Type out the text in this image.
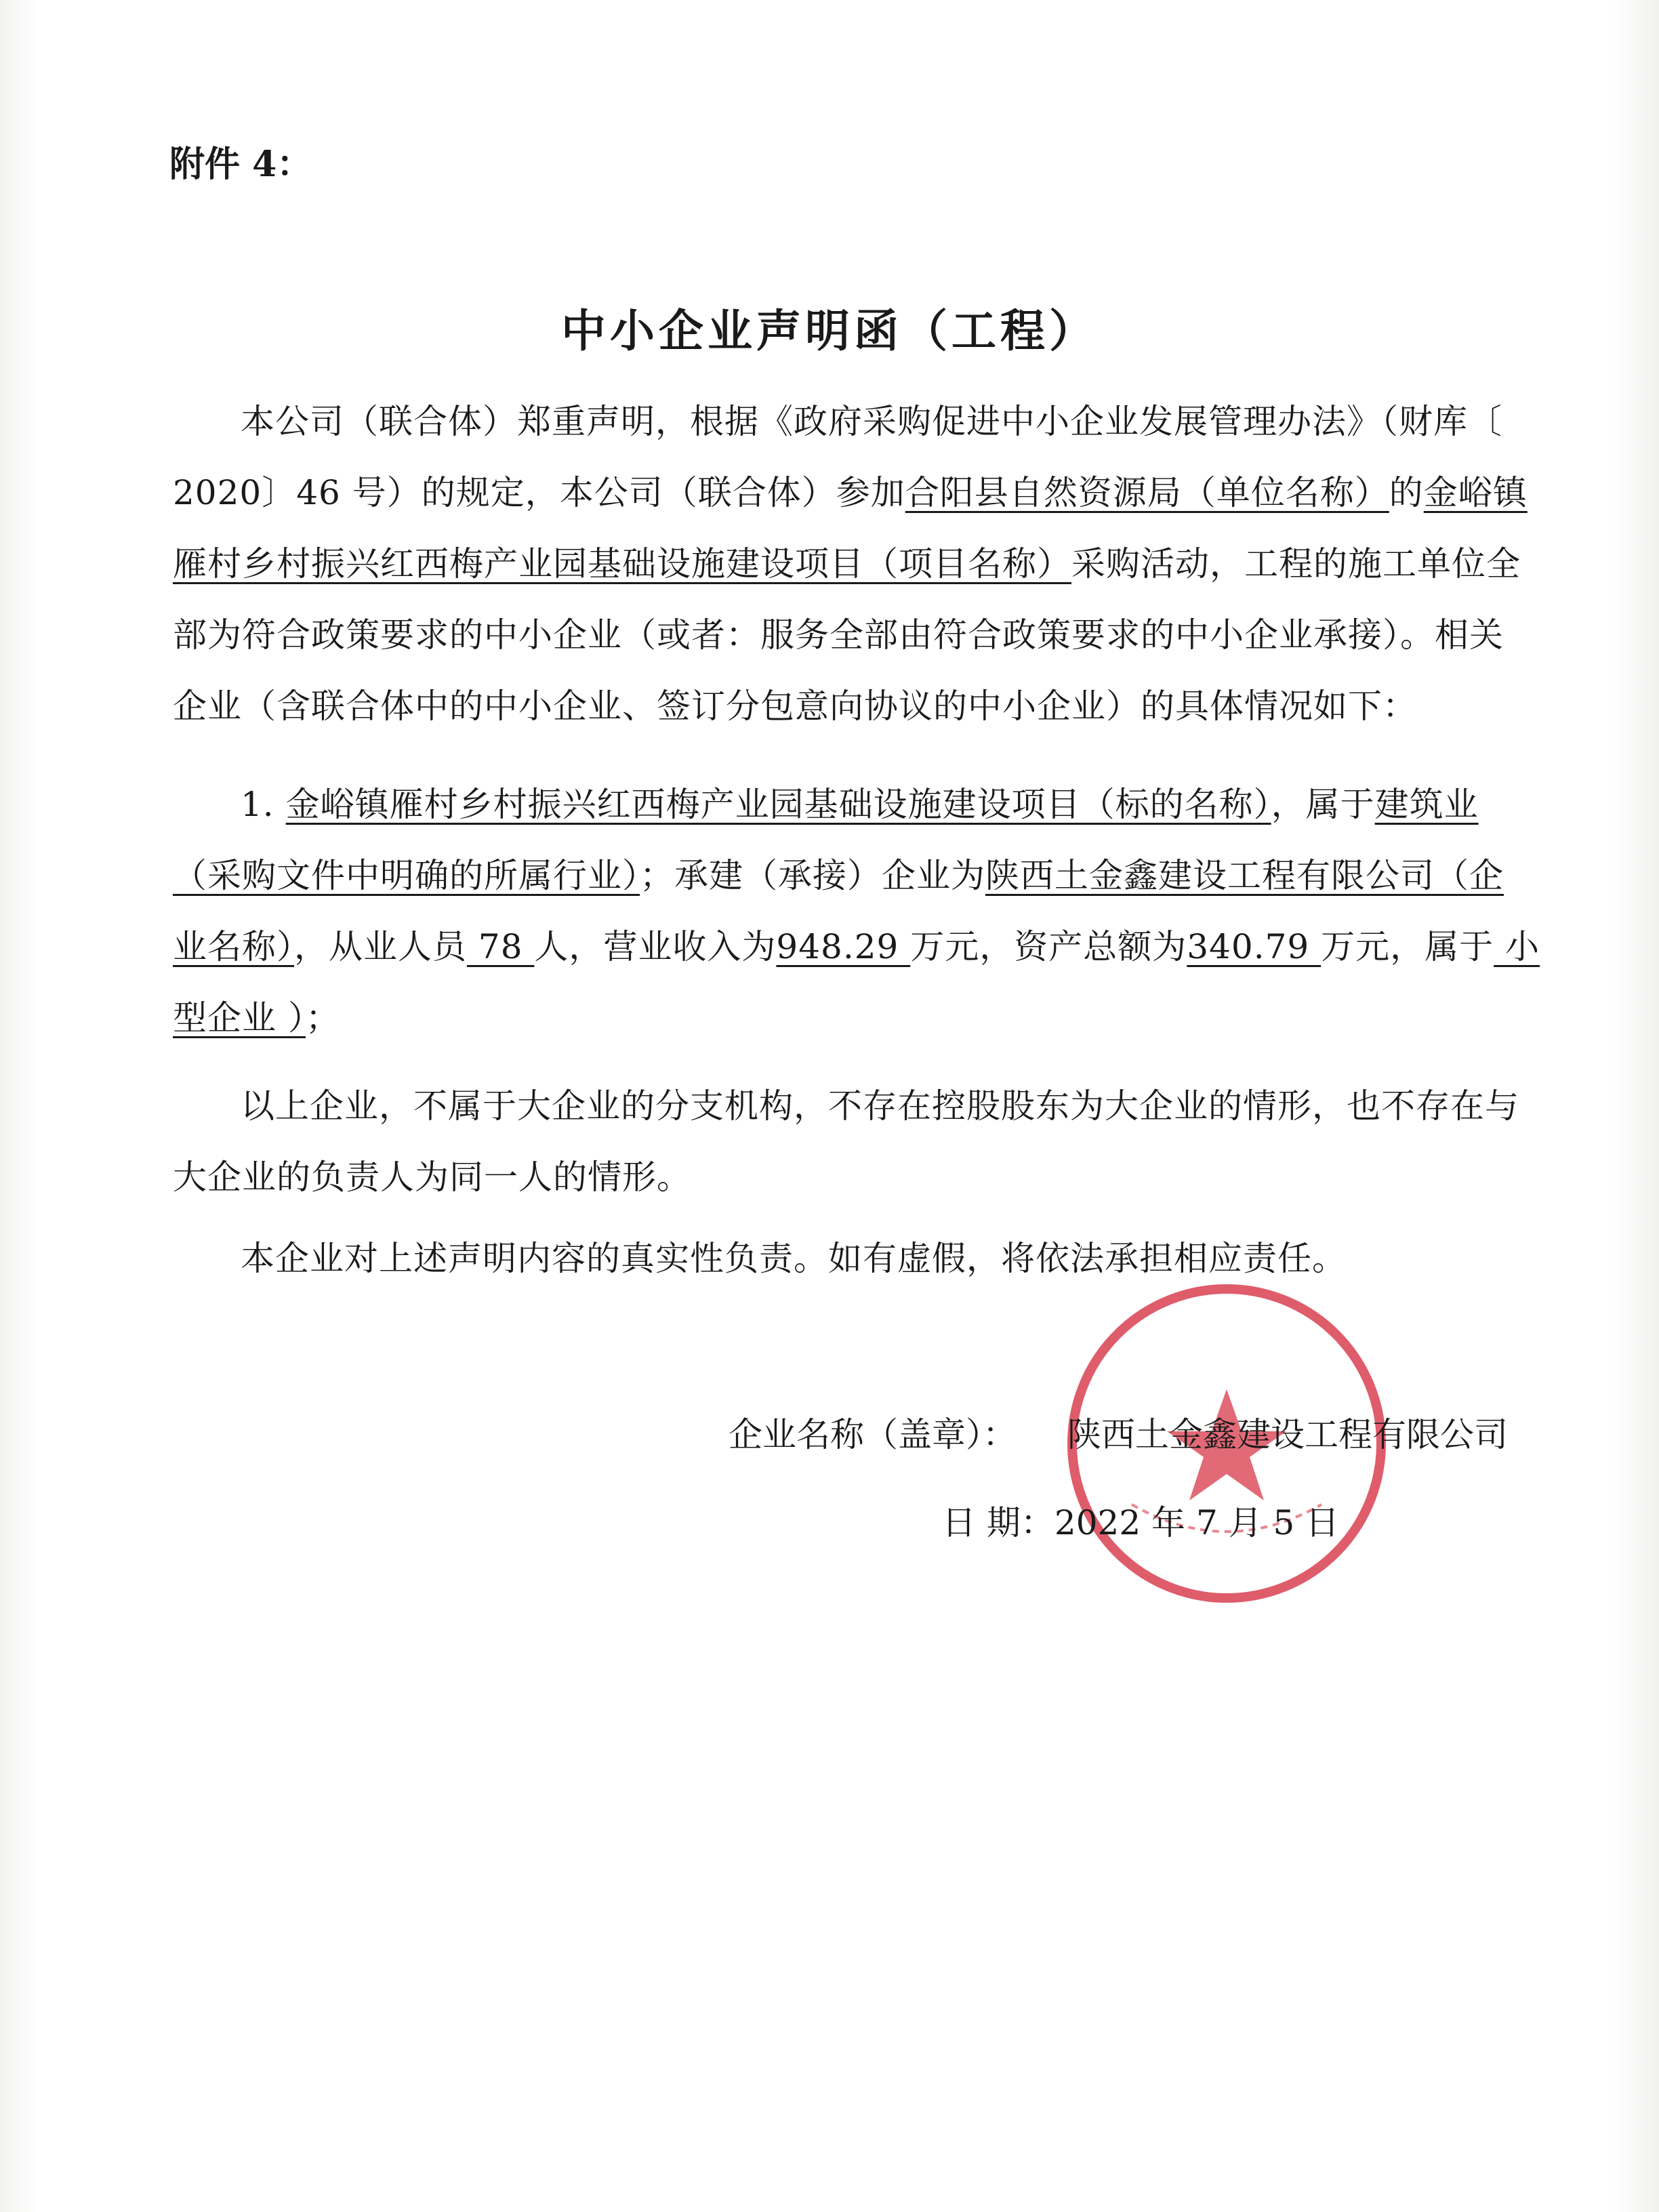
附件 4：
中小企业声明函（工程）
本公司（联合体）郑重声明，根据《政府采购促进中小企业发展管理办法》（财库〔
2020〕46 号）的规定，本公司（联合体）参加合阳县自然资源局（单位名称）的金峪镇
雁村乡村振兴红西梅产业园基础设施建设项目（项目名称）采购活动，工程的施工单位全
部为符合政策要求的中小企业（或者：服务全部由符合政策要求的中小企业承接）。相关
企业（含联合体中的中小企业、签订分包意向协议的中小企业）的具体情况如下：
1. 金峪镇雁村乡村振兴红西梅产业园基础设施建设项目（标的名称），属于建筑业
（采购文件中明确的所属行业）；承建（承接）企业为陕西土金鑫建设工程有限公司（企
业名称），从业人员 78 人，营业收入为948.29 万元，资产总额为340.79 万元，属于 小
型企业 ）；
以上企业，不属于大企业的分支机构，不存在控股股东为大企业的情形，也不存在与
大企业的负责人为同一人的情形。
本企业对上述声明内容的真实性负责。如有虚假，将依法承担相应责任。
企业名称（盖章）： 陕西土金鑫建设工程有限公司
日 期：2022 年 7 月 5 日
